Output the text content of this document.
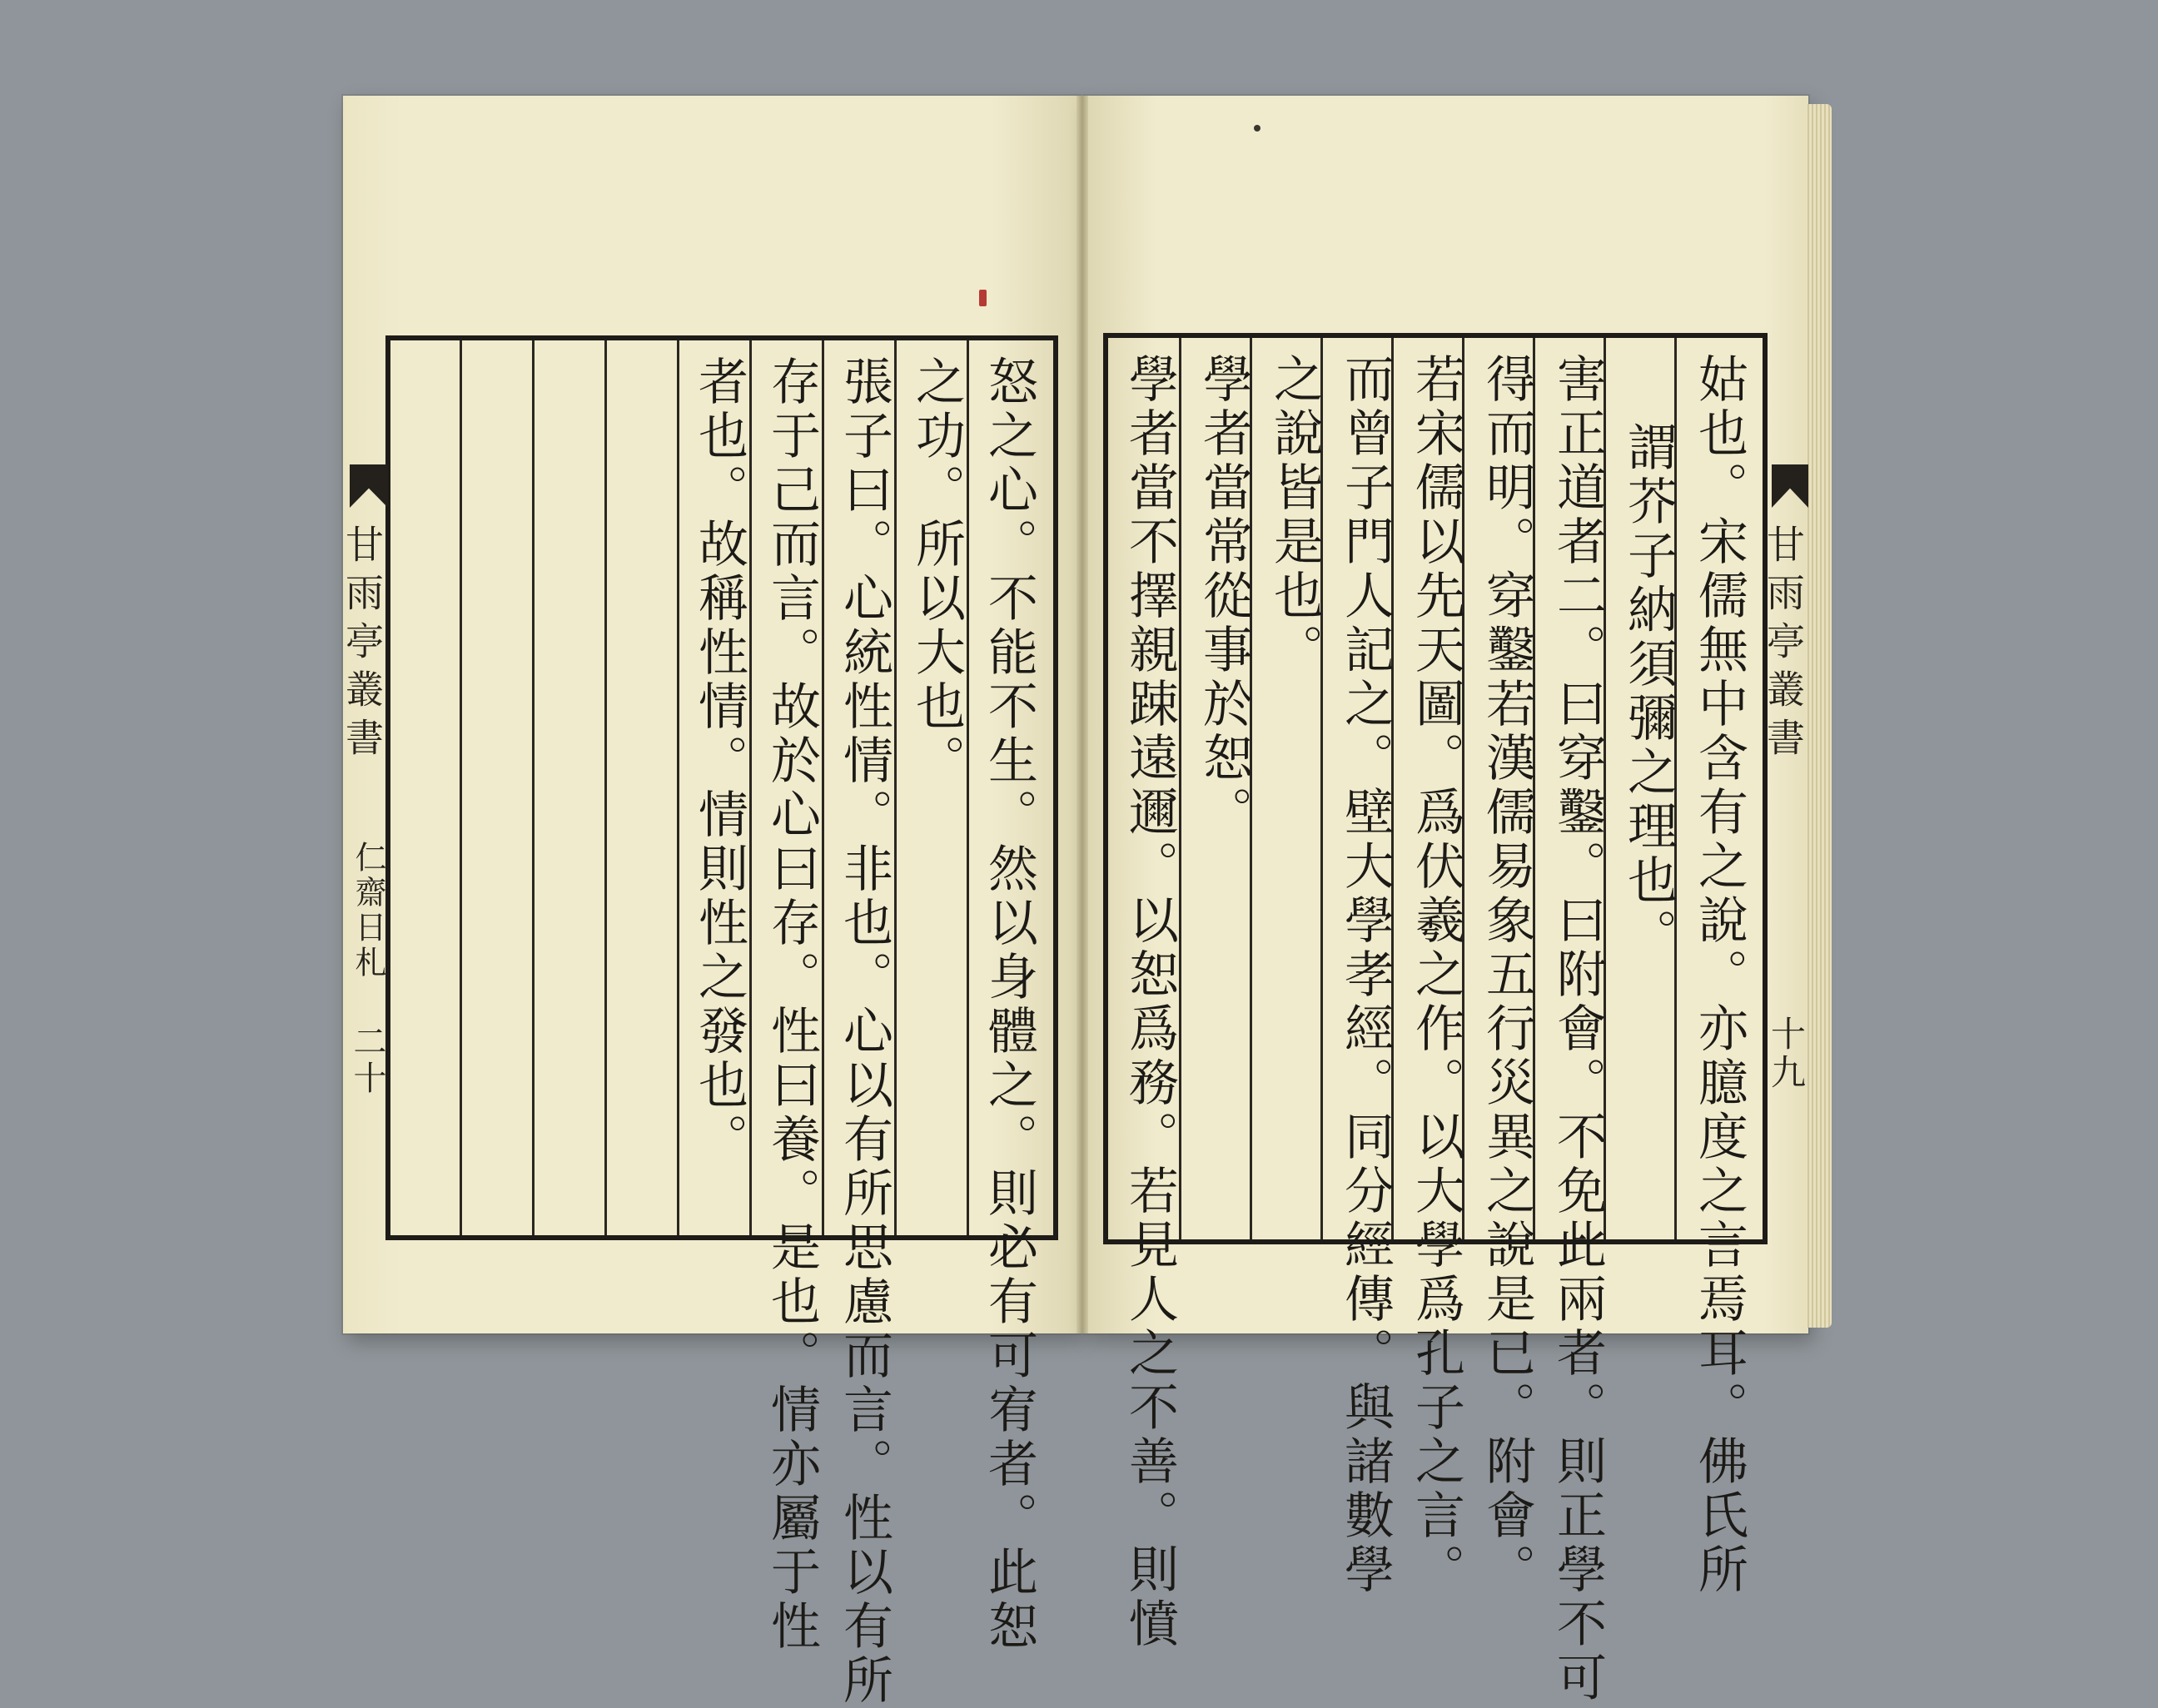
怒之心。不能不生。然以身體之。則必有可宥者。此恕
之功。所以大也。
張子曰。心統性情。非也。心以有所思慮而言。性以有所
存于己而言。故於心曰存。性曰養。是也。情亦屬于性
者也。故稱性情。情則性之發也。
甘雨亭叢書
仁齋日札
二十	姑也。宋儒無中含有之說。亦臆度之言焉耳。佛氏所
謂芥子納須彌之理也。
害正道者二。曰穿鑿。曰附會。不免此兩者。則正學不可
得而明。穿鑿若漢儒易象五行災異之說是已。附會。
若宋儒以先天圖。爲伏羲之作。以大學爲孔子之言。
而曾子門人記之。壁大學孝經。同分經傳。與諸數學
之說皆是也。
學者當常從事於恕。
學者當不擇親踈遠邇。以恕爲務。若見人之不善。則憤	甘雨亭叢書
十九
